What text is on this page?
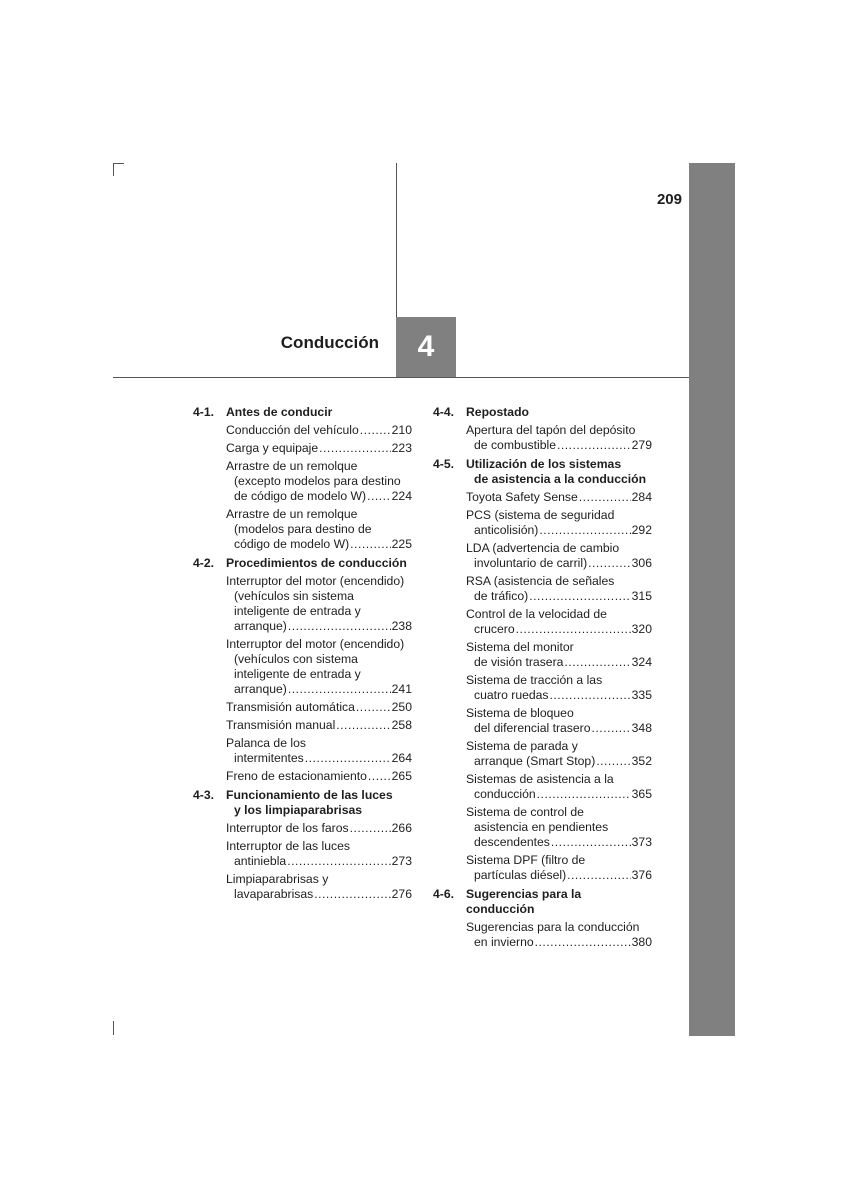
209
Conducción 4
4-1. Antes de conducir
Conducción del vehículo .....	210
Carga y equipaje .....	223
Arrastre de un remolque
(excepto modelos para destino
de código de modelo W) ..... 224
Arrastre de un remolque
(modelos para destino de
código de modelo W) .....	225
4-2. Procedimientos de conducción
Interruptor del motor (encendido)
(vehículos sin sistema
inteligente de entrada y
arranque) .....	238
Interruptor del motor (encendido)
(vehículos con sistema
inteligente de entrada y
arranque) .....	241
Transmisión automática .....	250
Transmisión manual .....	258
Palanca de los
intermitentes .....	264
Freno de estacionamiento ..... 265
4-3. Funcionamiento de las luces
y los limpiaparabrisas
Interruptor de los faros .....	266
Interruptor de las luces
antiniebla .....	273
Limpiaparabrisas y
lavaparabrisas .....	276
4-4. Repostado
Apertura del tapón del depósito
de combustible .....	279
4-5. Utilización de los sistemas
de asistencia a la conducción
Toyota Safety Sense .....	284
PCS (sistema de seguridad
anticolisión) .....	292
LDA (advertencia de cambio
involuntario de carril) .....	306
RSA (asistencia de señales
de tráfico) .....	315
Control de la velocidad de
crucero .....	320
Sistema del monitor
de visión trasera .....	324
Sistema de tracción a las
cuatro ruedas .....	335
Sistema de bloqueo
del diferencial trasero .....	348
Sistema de parada y
arranque (Smart Stop) .....	352
Sistemas de asistencia a la
conducción .....	365
Sistema de control de
asistencia en pendientes
descendentes .....	373
Sistema DPF (filtro de
partículas diésel) .....	376
4-6. Sugerencias para la conducción
Sugerencias para la conducción
en invierno .....	380
